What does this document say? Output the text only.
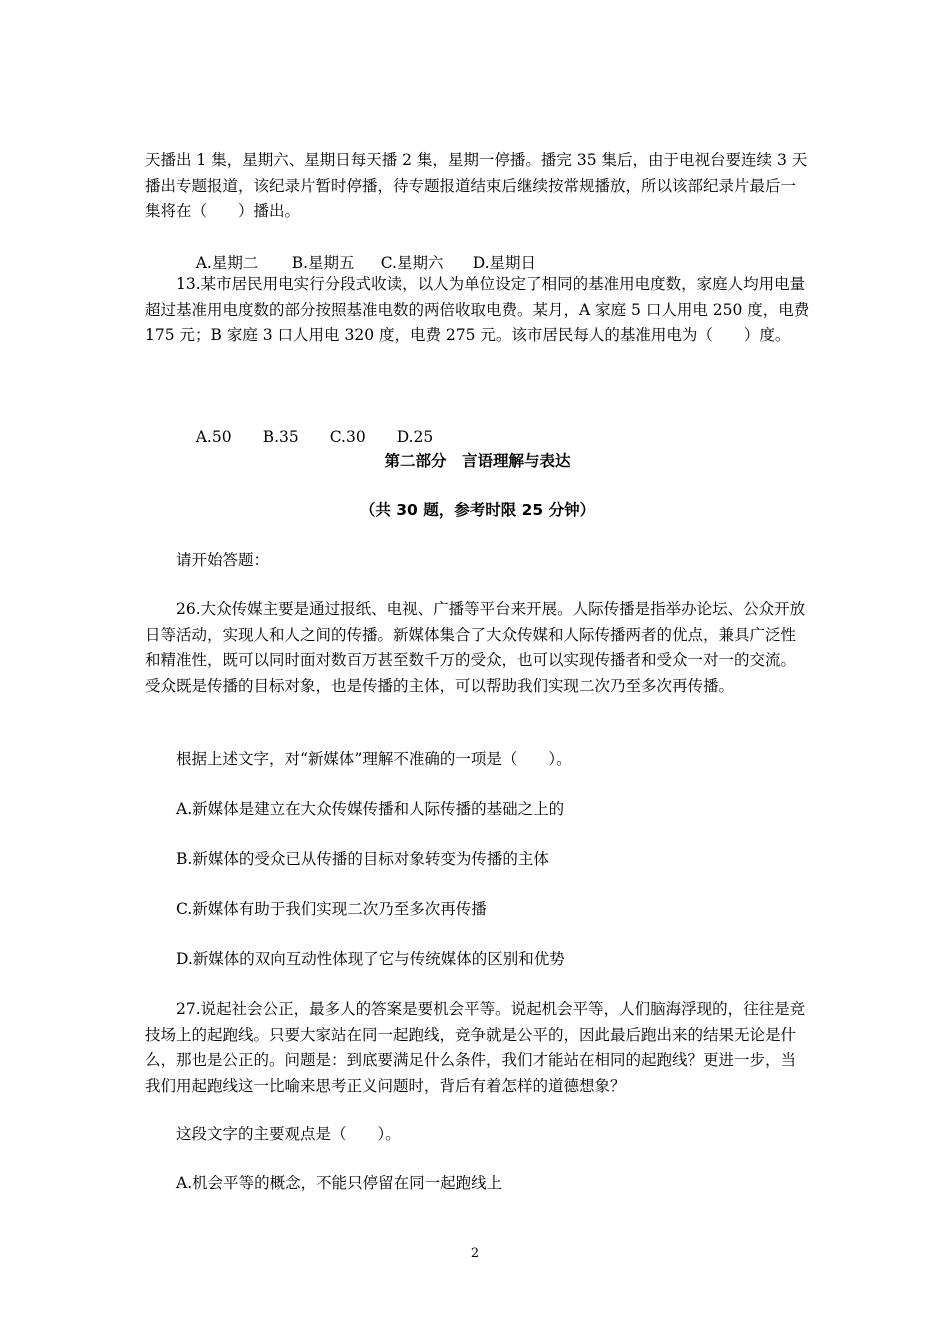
天播出 1 集，星期六、星期日每天播 2 集，星期一停播。播完 35 集后，由于电视台要连续 3 天播出专题报道，该纪录片暂时停播，待专题报道结束后继续按常规播放，所以该部纪录片最后一集将在（　　）播出。

A.星期二 B.星期五 C.星期六 D.星期日

13.某市居民用电实行分段式收读，以人为单位设定了相同的基准用电度数，家庭人均用电量超过基准用电度数的部分按照基准电数的两倍收取电费。某月，A 家庭 5 口人用电 250 度，电费 175 元；B 家庭 3 口人用电 320 度，电费 275 元。该市居民每人的基准用电为（　　）度。

A.50 B.35 C.30 D.25

第二部分　言语理解与表达
（共 30 题，参考时限 25 分钟）

请开始答题：

26.大众传媒主要是通过报纸、电视、广播等平台来开展。人际传播是指举办论坛、公众开放日等活动，实现人和人之间的传播。新媒体集合了大众传媒和人际传播两者的优点，兼具广泛性和精准性，既可以同时面对数百万甚至数千万的受众，也可以实现传播者和受众一对一的交流。受众既是传播的目标对象，也是传播的主体，可以帮助我们实现二次乃至多次再传播。

根据上述文字，对“新媒体”理解不准确的一项是（　　）。

A.新媒体是建立在大众传媒传播和人际传播的基础之上的

B.新媒体的受众已从传播的目标对象转变为传播的主体

C.新媒体有助于我们实现二次乃至多次再传播

D.新媒体的双向互动性体现了它与传统媒体的区别和优势

27.说起社会公正，最多人的答案是要机会平等。说起机会平等，人们脑海浮现的，往往是竞技场上的起跑线。只要大家站在同一起跑线，竞争就是公平的，因此最后跑出来的结果无论是什么，那也是公正的。问题是：到底要满足什么条件，我们才能站在相同的起跑线？更进一步，当我们用起跑线这一比喻来思考正义问题时，背后有着怎样的道德想象？

这段文字的主要观点是（　　）。

A.机会平等的概念，不能只停留在同一起跑线上

2
